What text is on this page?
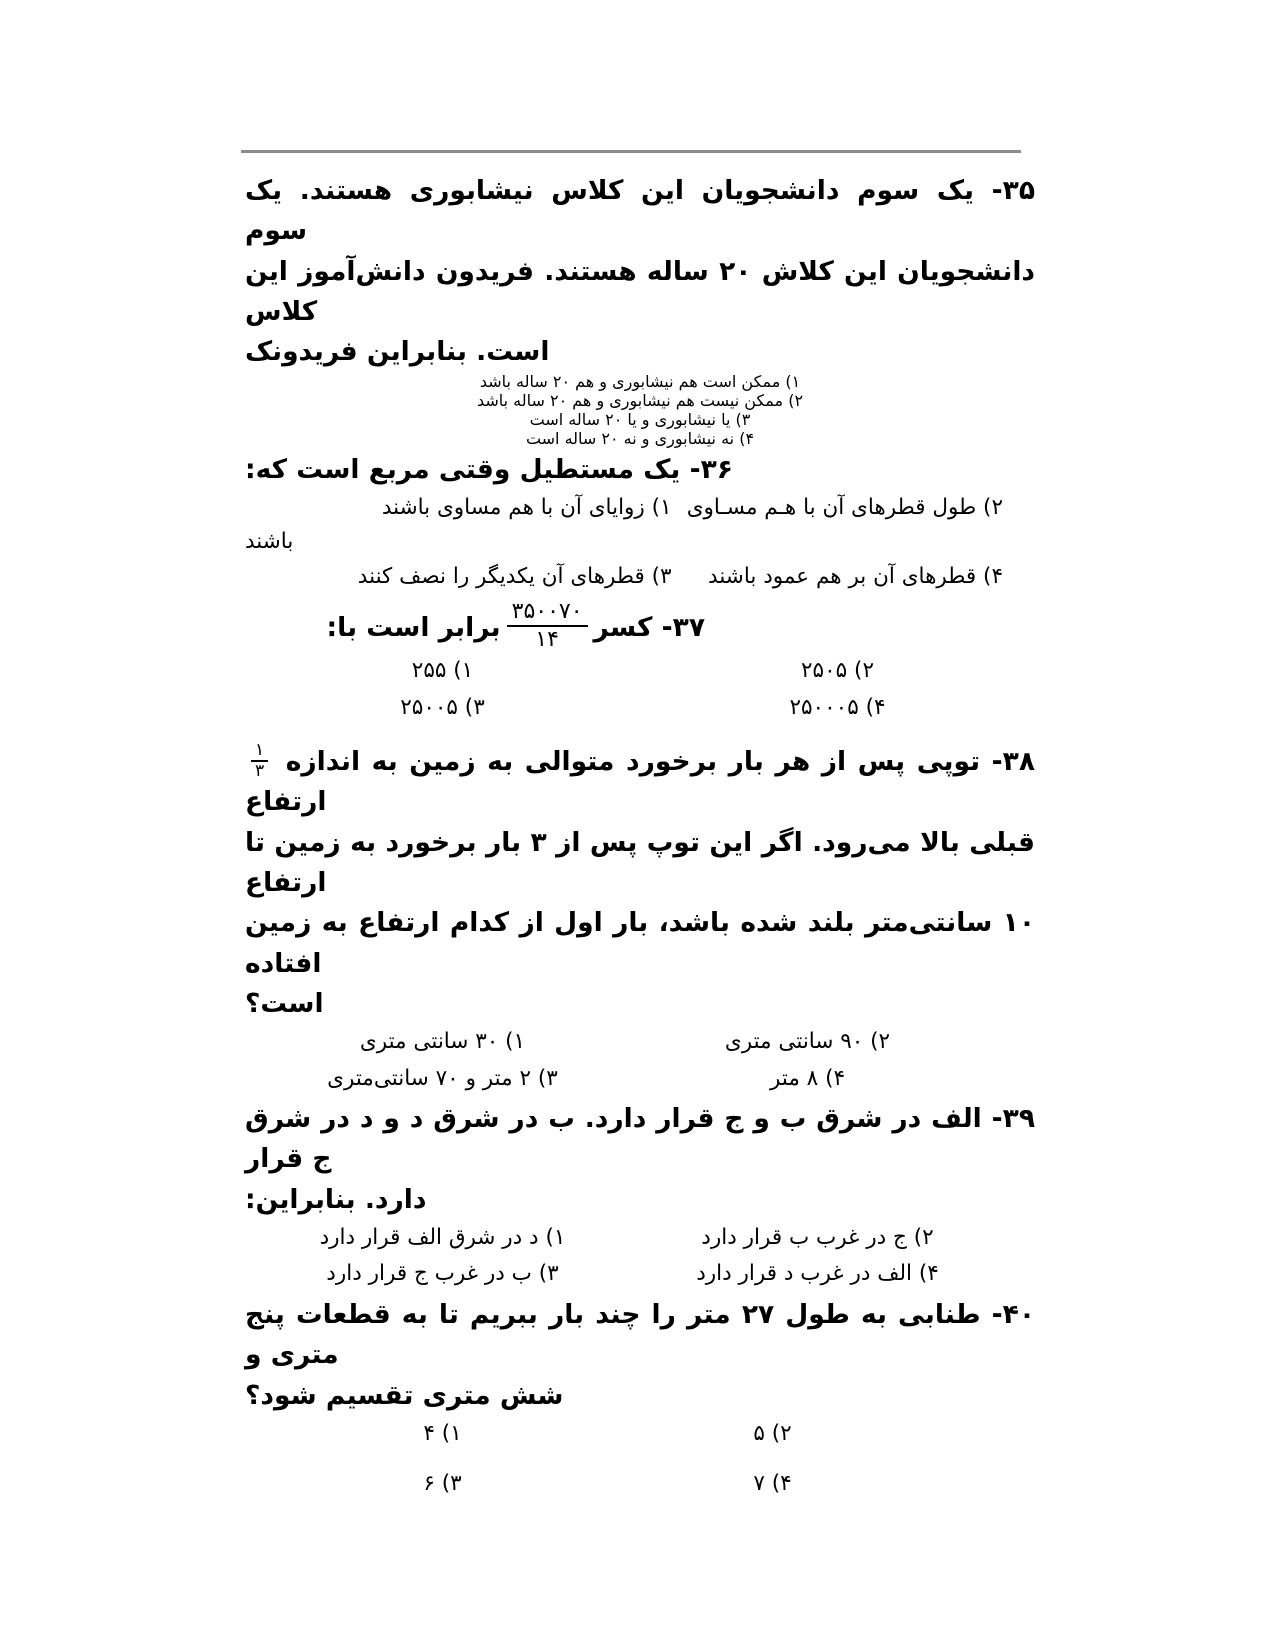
۳۵- یک سوم دانشجویان این کلاس نیشابوری هستند. یک سوم
دانشجویان این کلاش ۲۰ ساله هستند. فریدون دانش‌آموز این کلاس
است. بنابراین فریدونک
۱) ممکن است هم نیشابوری و هم ۲۰ ساله باشد
۲) ممکن نیست هم نیشابوری و هم ۲۰ ساله باشد
۳) یا نیشابوری و یا ۲۰ ساله است
۴) نه نیشابوری و نه ۲۰ ساله است
۳۶- یک مستطیل وقتی مربع است که:
۲) طول قطرهای آن با هـم مسـاوی
۱) زوایای آن با هم مساوی باشند
باشند
۴) قطرهای آن بر هم عمود باشند
۳) قطرهای آن یکدیگر را نصف کنند
۳۷- کسر
$\frac{۳۵۰۰۷۰}{۱۴}$
برابر است با:
۲) ۲۵۰۵
۱) ۲۵۵
۴) ۲۵۰۰۰۵
۳) ۲۵۰۰۵
۳۸- توپی پس از هر بار برخورد متوالی به زمین به اندازه
$\frac{۱}{۳}$
ارتفاع
قبلی بالا می‌رود. اگر این توپ پس از ۳ بار برخورد به زمین تا ارتفاع
۱۰ سانتی‌متر بلند شده باشد، بار اول از کدام ارتفاع به زمین افتاده
است؟
۲) ۹۰ سانتی متری
۱) ۳۰ سانتی متری
۴) ۸ متر
۳) ۲ متر و ۷۰ سانتی‌متری
۳۹- الف در شرق ب و ج قرار دارد. ب در شرق د و د در شرق ج قرار
دارد. بنابراین:
۲) ج در غرب ب قرار دارد
۱) د در شرق الف قرار دارد
۴) الف در غرب د قرار دارد
۳) ب در غرب ج قرار دارد
۴۰- طنابی به طول ۲۷ متر را چند بار ببریم تا به قطعات پنج متری و
شش متری تقسیم شود؟
۲) ۵
۱) ۴
۴) ۷
۳) ۶
